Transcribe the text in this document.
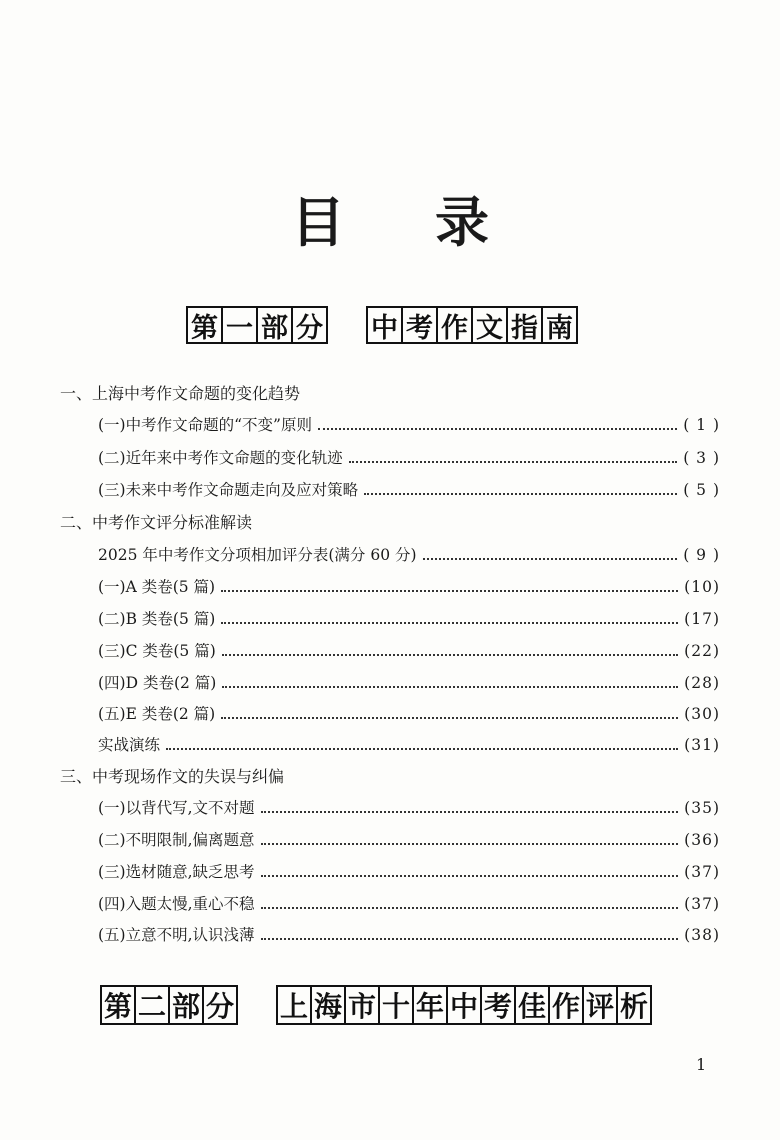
目录
第 一 部 分 中 考 作 文 指 南
一、上海中考作文命题的变化趋势
(一)中考作文命题的“不变”原则	( 1 )
(二)近年来中考作文命题的变化轨迹	( 3 )
(三)未来中考作文命题走向及应对策略	( 5 )
二、中考作文评分标准解读
2025 年中考作文分项相加评分表(满分 60 分)	( 9 )
(一)A 类卷(5 篇)	(10)
(二)B 类卷(5 篇)	(17)
(三)C 类卷(5 篇)	(22)
(四)D 类卷(2 篇)	(28)
(五)E 类卷(2 篇)	(30)
实战演练	(31)
三、中考现场作文的失误与纠偏
(一)以背代写,文不对题	(35)
(二)不明限制,偏离题意	(36)
(三)选材随意,缺乏思考	(37)
(四)入题太慢,重心不稳	(37)
(五)立意不明,认识浅薄	(38)
第 二 部 分 上 海 市 十 年 中 考 佳 作 评 析
1
